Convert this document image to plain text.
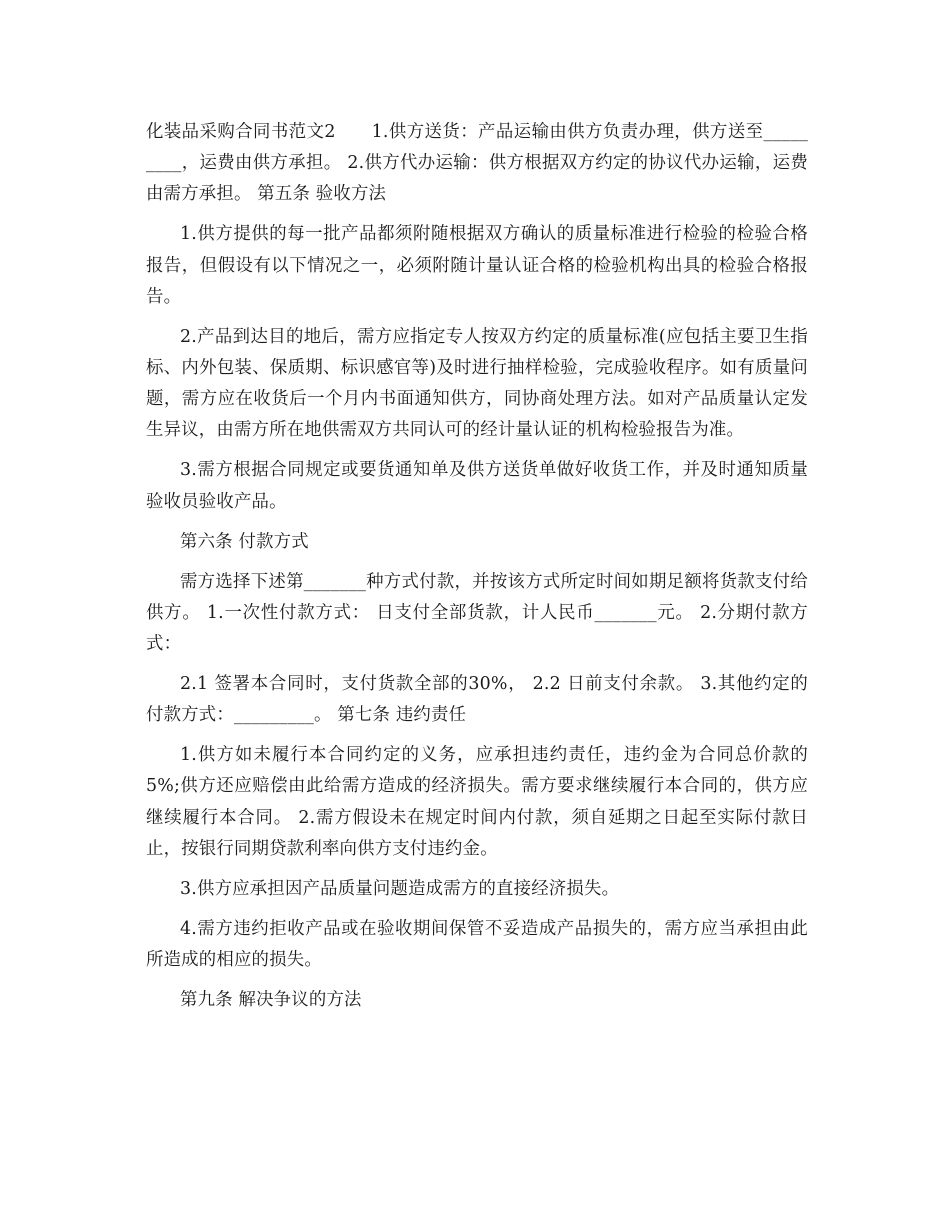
化装品采购合同书范文2　　1.供方送货：产品运输由供方负责办理，供方送至_________，运费由供方承担。 2.供方代办运输：供方根据双方约定的协议代办运输，运费由需方承担。 第五条 验收方法

1.供方提供的每一批产品都须附随根据双方确认的质量标准进行检验的检验合格报告，但假设有以下情况之一，必须附随计量认证合格的检验机构出具的检验合格报告。

2.产品到达目的地后，需方应指定专人按双方约定的质量标准(应包括主要卫生指标、内外包装、保质期、标识感官等)及时进行抽样检验，完成验收程序。如有质量问题，需方应在收货后一个月内书面通知供方，同协商处理方法。如对产品质量认定发生异议，由需方所在地供需双方共同认可的经计量认证的机构检验报告为准。

3.需方根据合同规定或要货通知单及供方送货单做好收货工作，并及时通知质量验收员验收产品。

第六条 付款方式

需方选择下述第_______种方式付款，并按该方式所定时间如期足额将货款支付给供方。 1.一次性付款方式： 日支付全部货款，计人民币_______元。 2.分期付款方式：

2.1 签署本合同时，支付货款全部的30%， 2.2 日前支付余款。 3.其他约定的付款方式：_________。 第七条 违约责任

1.供方如未履行本合同约定的义务，应承担违约责任，违约金为合同总价款的5%;供方还应赔偿由此给需方造成的经济损失。需方要求继续履行本合同的，供方应继续履行本合同。 2.需方假设未在规定时间内付款，须自延期之日起至实际付款日止，按银行同期贷款利率向供方支付违约金。

3.供方应承担因产品质量问题造成需方的直接经济损失。

4.需方违约拒收产品或在验收期间保管不妥造成产品损失的，需方应当承担由此所造成的相应的损失。

第九条 解决争议的方法
